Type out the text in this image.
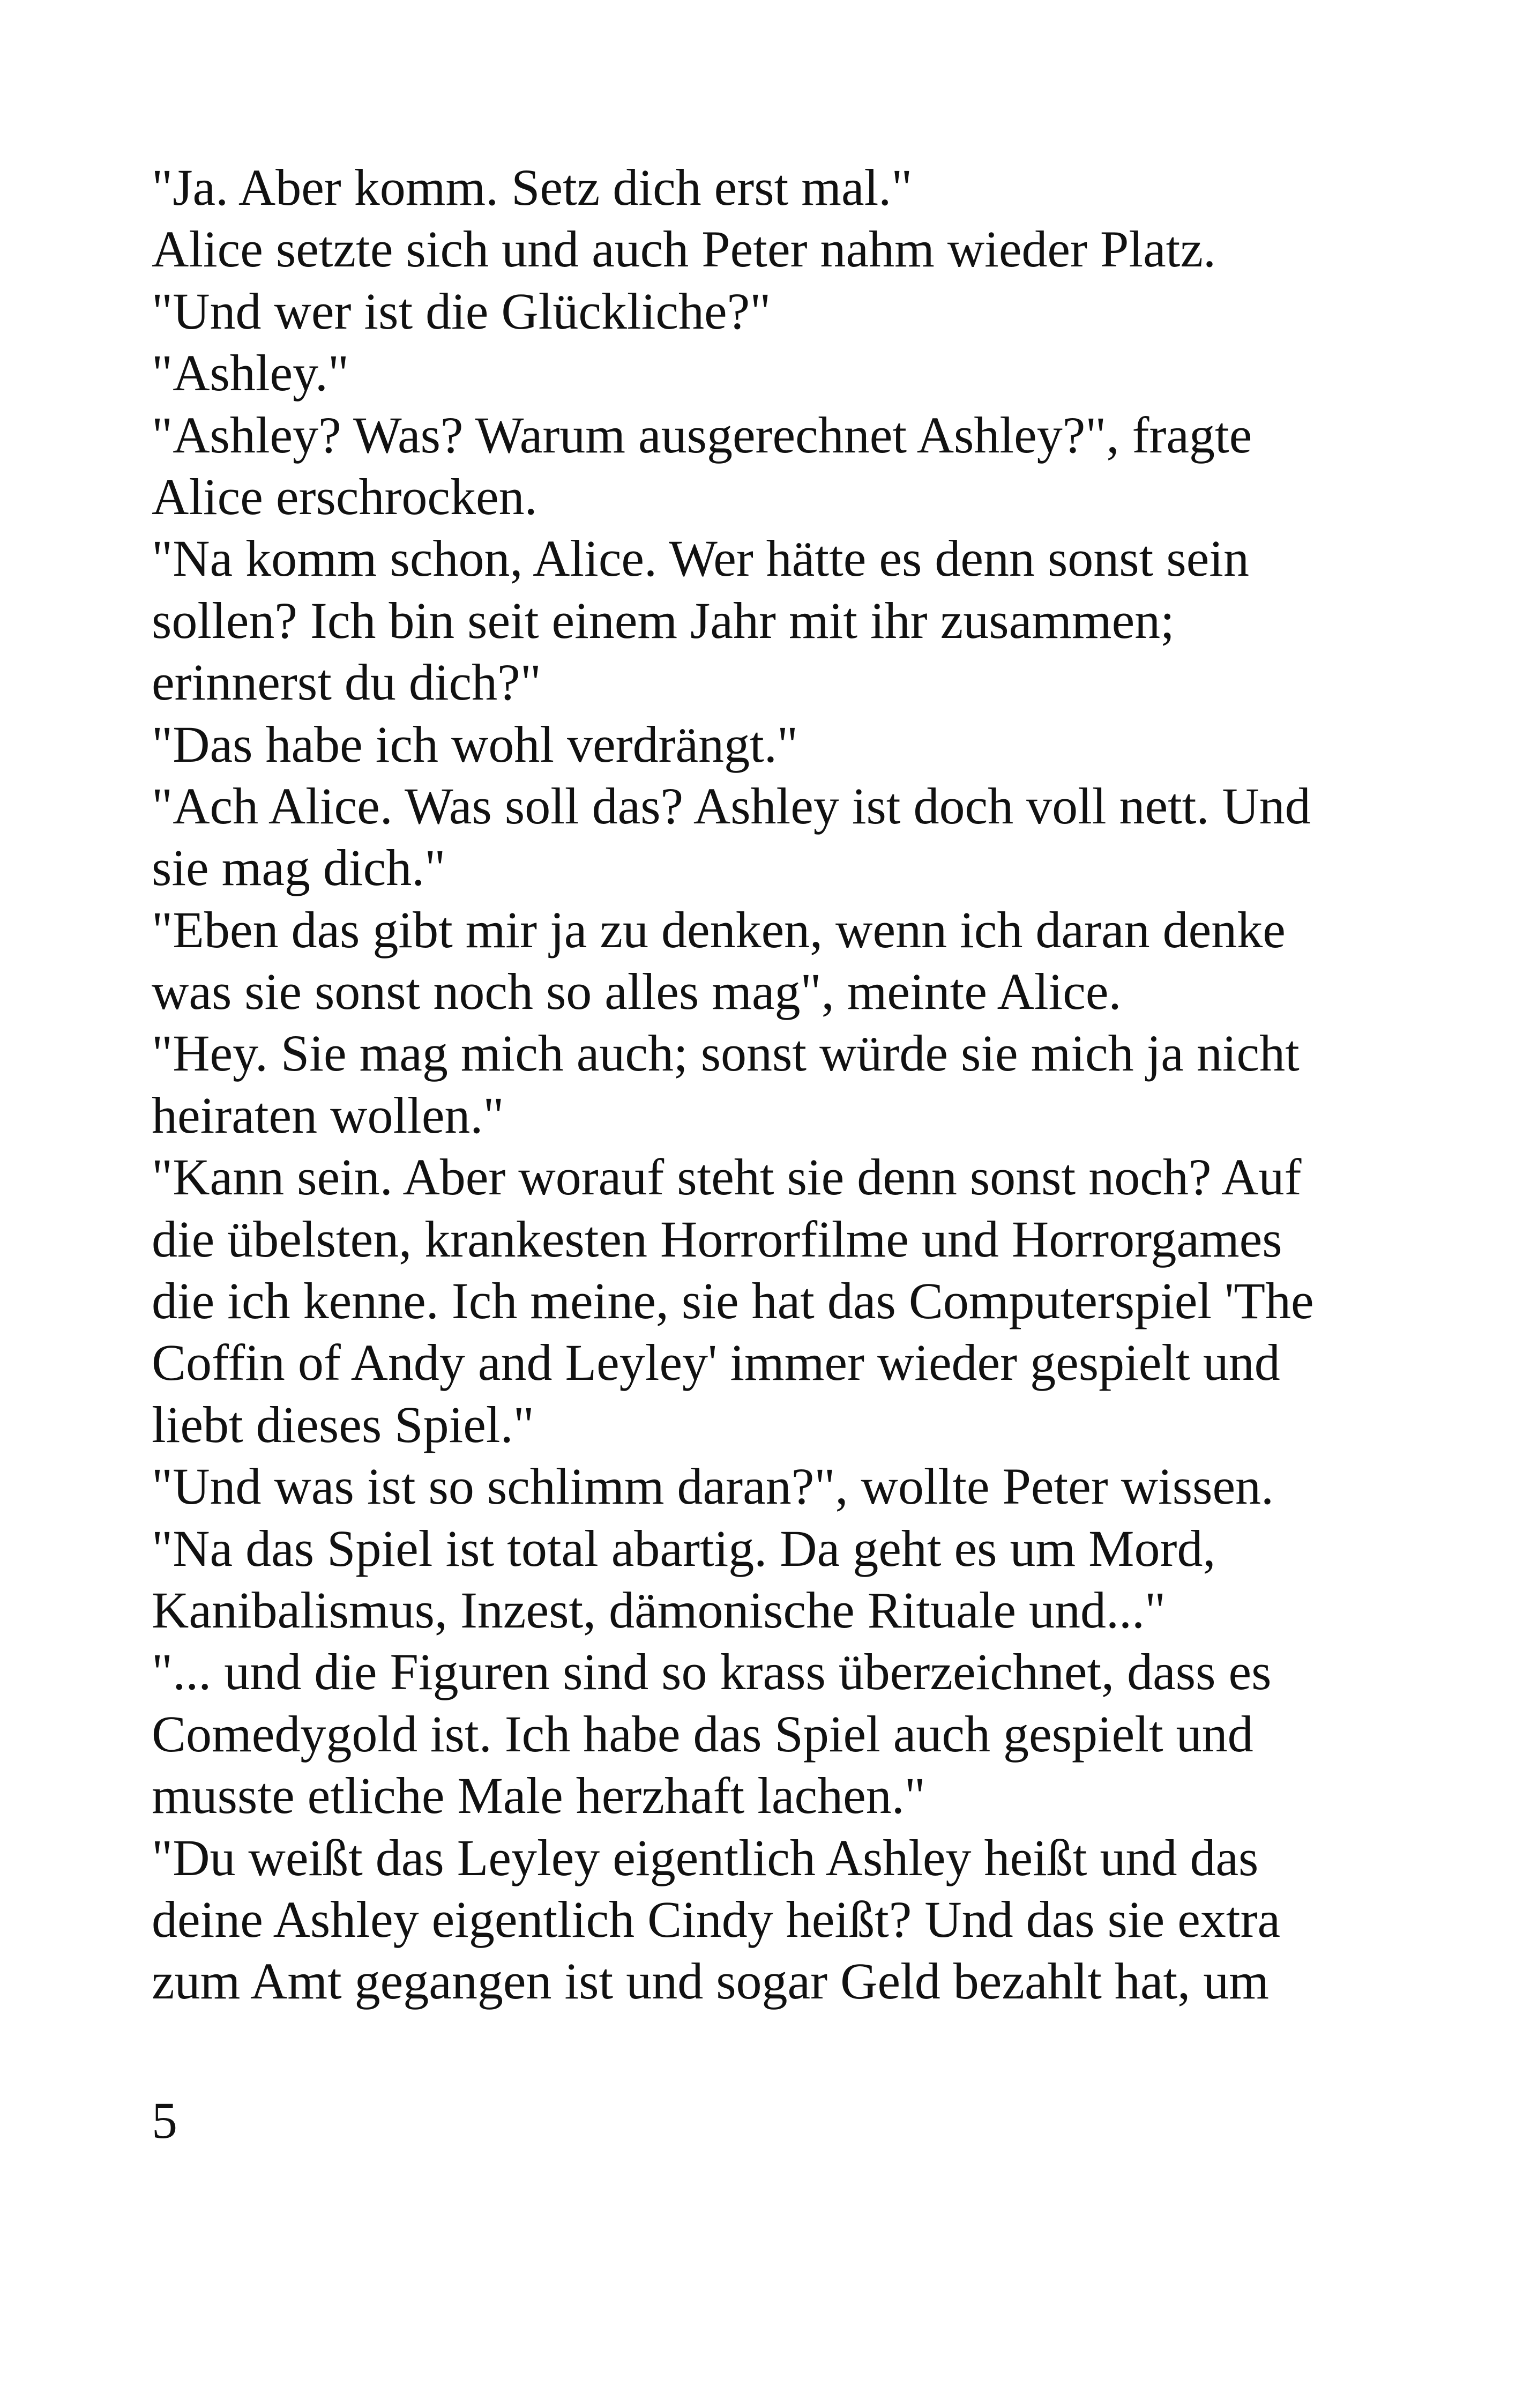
"Ja. Aber komm. Setz dich erst mal."
Alice setzte sich und auch Peter nahm wieder Platz.
"Und wer ist die Glückliche?"
"Ashley."
"Ashley? Was? Warum ausgerechnet Ashley?", fragte
Alice erschrocken.
"Na komm schon, Alice. Wer hätte es denn sonst sein
sollen? Ich bin seit einem Jahr mit ihr zusammen;
erinnerst du dich?"
"Das habe ich wohl verdrängt."
"Ach Alice. Was soll das? Ashley ist doch voll nett. Und
sie mag dich."
"Eben das gibt mir ja zu denken, wenn ich daran denke
was sie sonst noch so alles mag", meinte Alice.
"Hey. Sie mag mich auch; sonst würde sie mich ja nicht
heiraten wollen."
"Kann sein. Aber worauf steht sie denn sonst noch? Auf
die übelsten, krankesten Horrorfilme und Horrorgames
die ich kenne. Ich meine, sie hat das Computerspiel 'The
Coffin of Andy and Leyley' immer wieder gespielt und
liebt dieses Spiel."
"Und was ist so schlimm daran?", wollte Peter wissen.
"Na das Spiel ist total abartig. Da geht es um Mord,
Kanibalismus, Inzest, dämonische Rituale und..."
"... und die Figuren sind so krass überzeichnet, dass es
Comedygold ist. Ich habe das Spiel auch gespielt und
musste etliche Male herzhaft lachen."
"Du weißt das Leyley eigentlich Ashley heißt und das
deine Ashley eigentlich Cindy heißt? Und das sie extra
zum Amt gegangen ist und sogar Geld bezahlt hat, um
5
